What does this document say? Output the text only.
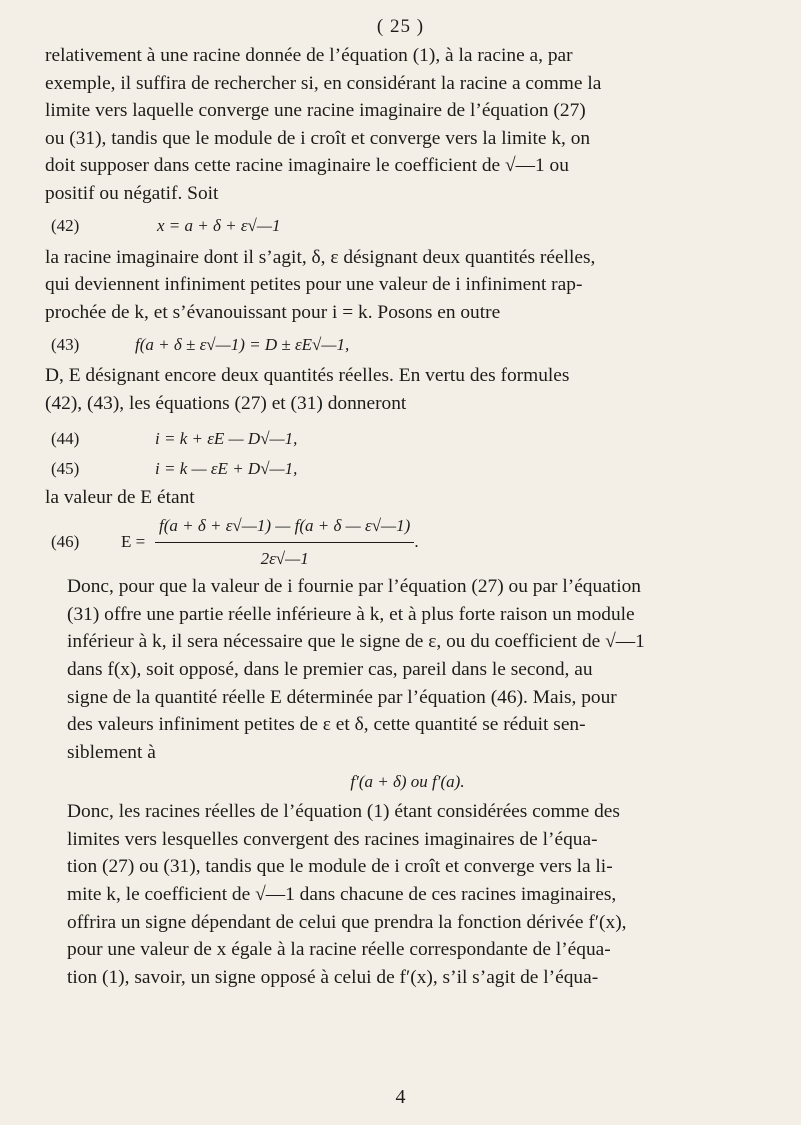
( 25 )

relativement à une racine donnée de l’équation (1), à la racine a, par
exemple, il suffira de rechercher si, en considérant la racine a comme la
limite vers laquelle converge une racine imaginaire de l’équation (27)
ou (31), tandis que le module de i croît et converge vers la limite k, on
doit supposer dans cette racine imaginaire le coefficient de √—1 ou
positif ou négatif. Soit

(42)	x = a + δ + ε√—1

la racine imaginaire dont il s’agit, δ, ε désignant deux quantités réelles,
qui deviennent infiniment petites pour une valeur de i infiniment rap-
prochée de k, et s’évanouissant pour i = k. Posons en outre

(43)	f(a + δ ± ε√—1) = D ± εE√—1,

D, E désignant encore deux quantités réelles. En vertu des formules
(42), (43), les équations (27) et (31) donneront

(44)	i = k + εE — D√—1,
(45)	i = k — εE + D√—1,

la valeur de E étant

(46)	$E = \frac{f(a + \delta + \varepsilon√—1) — f(a + \delta — \varepsilon√—1)}{2\varepsilon√—1}$ .

Donc, pour que la valeur de i fournie par l’équation (27) ou par l’équation
(31) offre une partie réelle inférieure à k, et à plus forte raison un module
inférieur à k, il sera nécessaire que le signe de ε, ou du coefficient de √—1
dans f(x), soit opposé, dans le premier cas, pareil dans le second, au
signe de la quantité réelle E déterminée par l’équation (46). Mais, pour
des valeurs infiniment petites de ε et δ, cette quantité se réduit sen-
siblement à

f′(a + δ) ou f′(a).

Donc, les racines réelles de l’équation (1) étant considérées comme des
limites vers lesquelles convergent des racines imaginaires de l’équa-
tion (27) ou (31), tandis que le module de i croît et converge vers la li-
mite k, le coefficient de √—1 dans chacune de ces racines imaginaires,
offrira un signe dépendant de celui que prendra la fonction dérivée f′(x),
pour une valeur de x égale à la racine réelle correspondante de l’équa-
tion (1), savoir, un signe opposé à celui de f′(x), s’il s’agit de l’équa-

4
